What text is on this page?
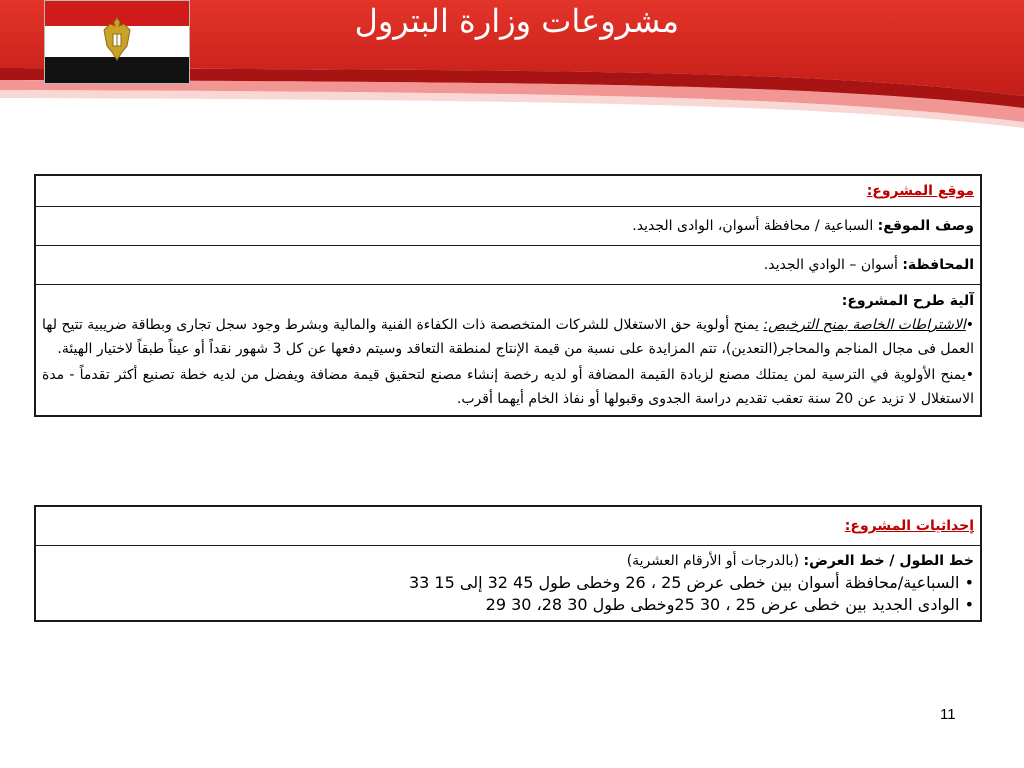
مشروعات وزارة البترول
موقع المشروع:
وصف الموقع: السباعية / محافظة أسوان، الوادى الجديد.
المحافظة: أسوان – الوادي الجديد.

آلية طرح المشروع:

•الاشتراطات الخاصة بمنح الترخيص: يمنح أولوية حق الاستغلال للشركات المتخصصة ذات الكفاءة الفنية والمالية وبشرط وجود سجل تجارى وبطاقة ضريبية تتيح لها العمل فى مجال المناجم والمحاجر(التعدين)، تتم المزايدة على نسبة من قيمة الإنتاج لمنطقة التعاقد وسيتم دفعها عن كل 3 شهور نقداً أو عيناً طبقاً لاختيار الهيئة.

•يمنح الأولوية في الترسية لمن يمتلك مصنع لزيادة القيمة المضافة أو لديه رخصة إنشاء مصنع لتحقيق قيمة مضافة ويفضل من لديه خطة تصنيع أكثر تقدماً - مدة الاستغلال لا تزيد عن 20 سنة تعقب تقديم دراسة الجدوى وقبولها أو نفاذ الخام أيهما أقرب.

إحداثيات المشروع:

خط الطول / خط العرض: (بالدرجات أو الأرقام العشرية)
• السباعية/محافظة أسوان بين خطى عرض 25 ، 26 وخطى طول 45 32 إلى 15 33
• الوادى الجديد بين خطى عرض 25 ، 30 25وخطى طول 30 28، 30 29
11
